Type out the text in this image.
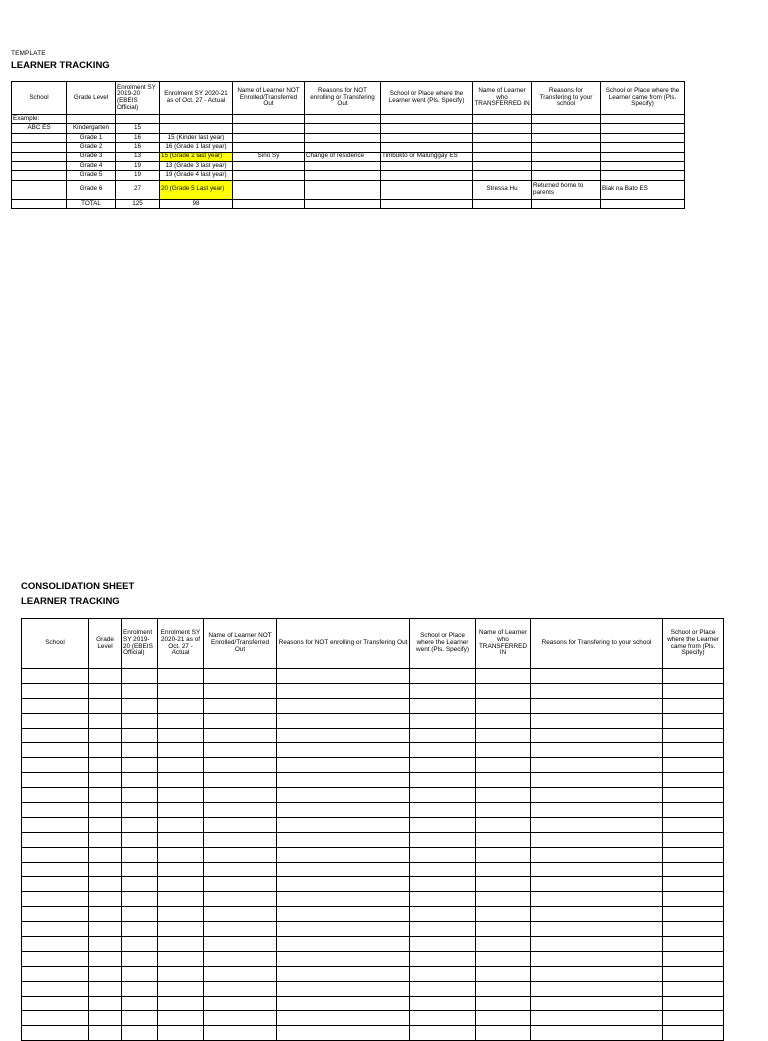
TEMPLATE
LEARNER TRACKING
School	Grade Level	Enrolment SY 2019-20 (EBEIS Official)	Enrolment SY 2020-21 as of Oct. 27 - Actual	Name of Learner NOT Enrolled/Transferred Out	Reasons for NOT enrolling or Transfering Out	School or Place where the Learner went (Pls. Specify)	Name of Learner who TRANSFERRED IN	Reasons for Transfering to your school	School or Place where the Learner came from (Pls. Specify)
Example:									
ABC ES	Kindergarten	15							
	Grade 1	16	15 (Kinder last year)						
	Grade 2	16	16 (Grade 1 last year)						
	Grade 3	13	15 (Grade 2 last year)	Sino Sy	Change of residence	Timbukto or Malunggay ES			
	Grade 4	19	13 (Grade 3 last year)						
	Grade 5	19	19 (Grade 4 last year)						
	Grade 6	27	20 (Grade 5 Last year)				Stressa Hu	Returned home to parents	Biak na Bato ES
	TOTAL	125	98						
CONSOLIDATION SHEET
LEARNER TRACKING
School	Grade Level	Enrolment SY 2019-20 (EBEIS Official)	Enrolment SY 2020-21 as of Oct. 27 - Actual	Name of Learner NOT Enrolled/Transferred Out	Reasons for NOT enrolling or Transfering Out	School or Place where the Learner went (Pls. Specify)	Name of Learner who TRANSFERRED IN	Reasons for Transfering to your school	School or Place where the Learner came from (Pls. Specify)
